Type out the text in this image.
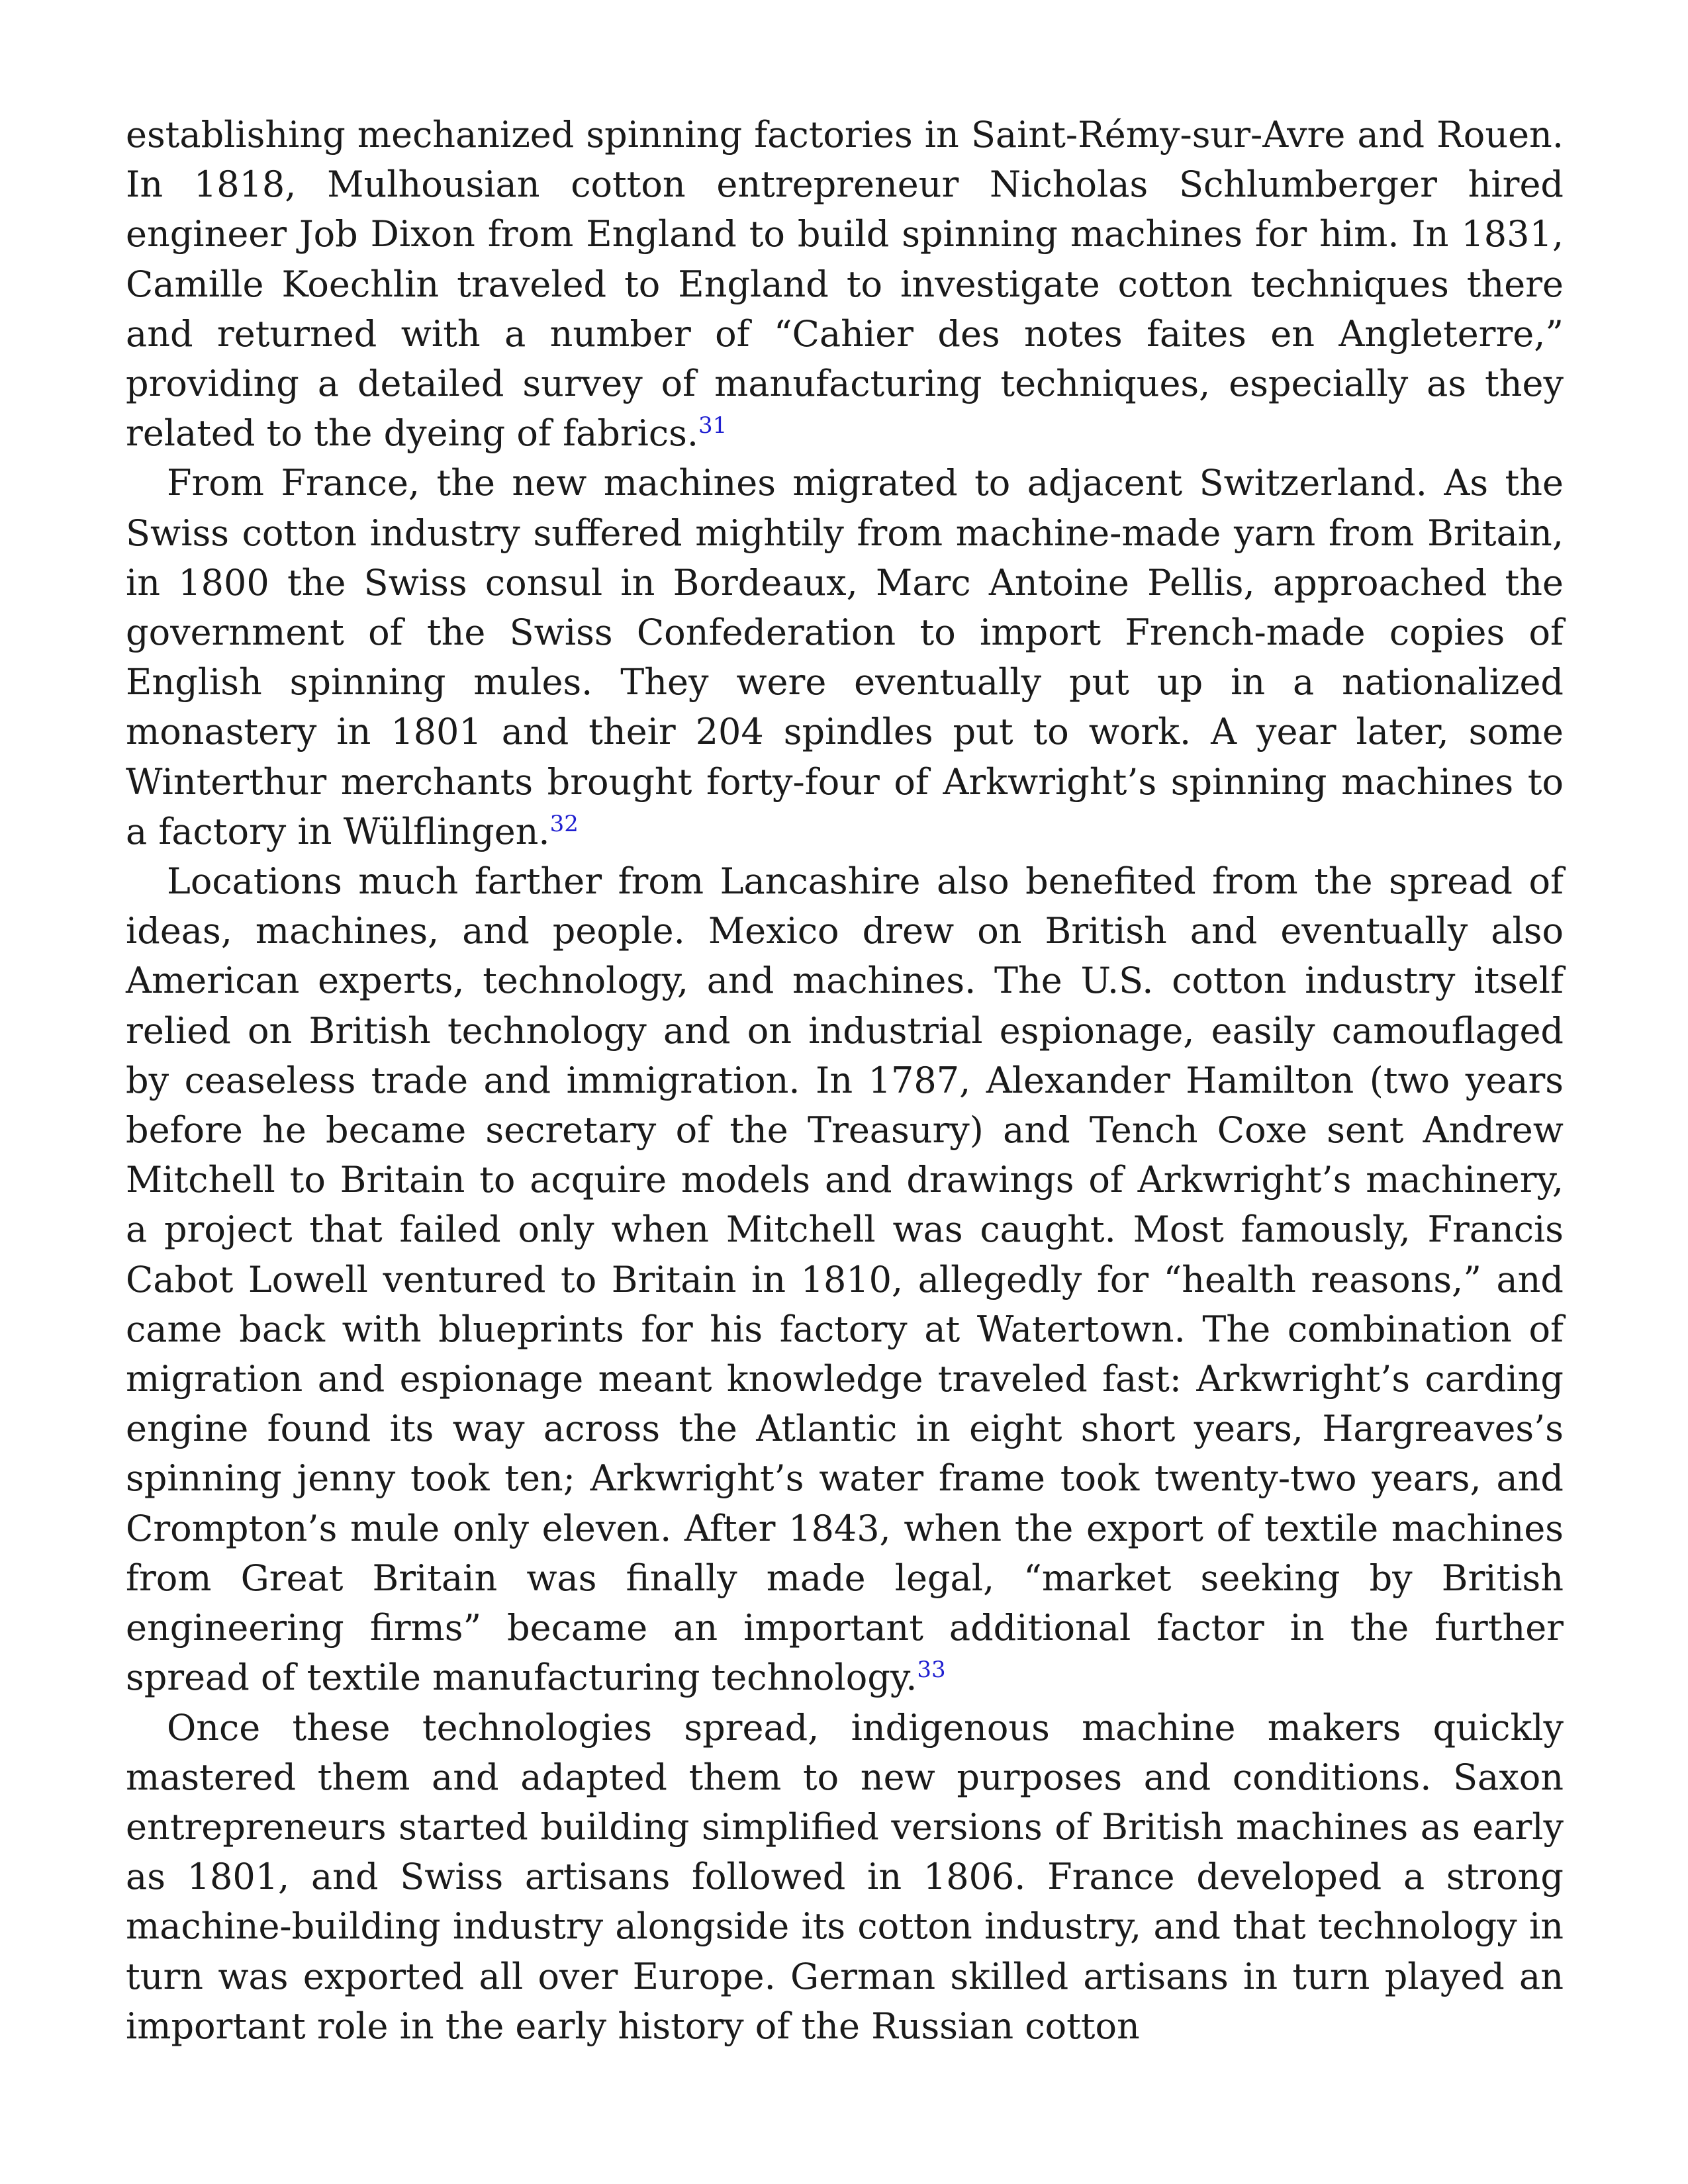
establishing mechanized spinning factories in Saint-Rémy-sur-Avre and Rouen. In 1818, Mulhousian cotton entrepreneur Nicholas Schlumberger hired engineer Job Dixon from England to build spinning machines for him. In 1831, Camille Koechlin traveled to England to investigate cotton techniques there and returned with a number of “Cahier des notes faites en Angleterre,” providing a detailed survey of manufacturing techniques, especially as they related to the dyeing of fabrics.$^{31}$

From France, the new machines migrated to adjacent Switzerland. As the Swiss cotton industry suffered mightily from machine-made yarn from Britain, in 1800 the Swiss consul in Bordeaux, Marc Antoine Pellis, approached the government of the Swiss Confederation to import French-made copies of English spinning mules. They were eventually put up in a nationalized monastery in 1801 and their 204 spindles put to work. A year later, some Winterthur merchants brought forty-four of Arkwright’s spinning machines to a factory in Wülflingen.$^{32}$

Locations much farther from Lancashire also benefited from the spread of ideas, machines, and people. Mexico drew on British and eventually also American experts, technology, and machines. The U.S. cotton industry itself relied on British technology and on industrial espionage, easily camouflaged by ceaseless trade and immigration. In 1787, Alexander Hamilton (two years before he became secretary of the Treasury) and Tench Coxe sent Andrew Mitchell to Britain to acquire models and drawings of Arkwright’s machinery, a project that failed only when Mitchell was caught. Most famously, Francis Cabot Lowell ventured to Britain in 1810, allegedly for “health reasons,” and came back with blueprints for his factory at Watertown. The combination of migration and espionage meant knowledge traveled fast: Arkwright’s carding engine found its way across the Atlantic in eight short years, Hargreaves’s spinning jenny took ten; Arkwright’s water frame took twenty-two years, and Crompton’s mule only eleven. After 1843, when the export of textile machines from Great Britain was finally made legal, “market seeking by British engineering firms” became an important additional factor in the further spread of textile manufacturing technology.$^{33}$

Once these technologies spread, indigenous machine makers quickly mastered them and adapted them to new purposes and conditions. Saxon entrepreneurs started building simplified versions of British machines as early as 1801, and Swiss artisans followed in 1806. France developed a strong machine-building industry alongside its cotton industry, and that technology in turn was exported all over Europe. German skilled artisans in turn played an important role in the early history of the Russian cotton
